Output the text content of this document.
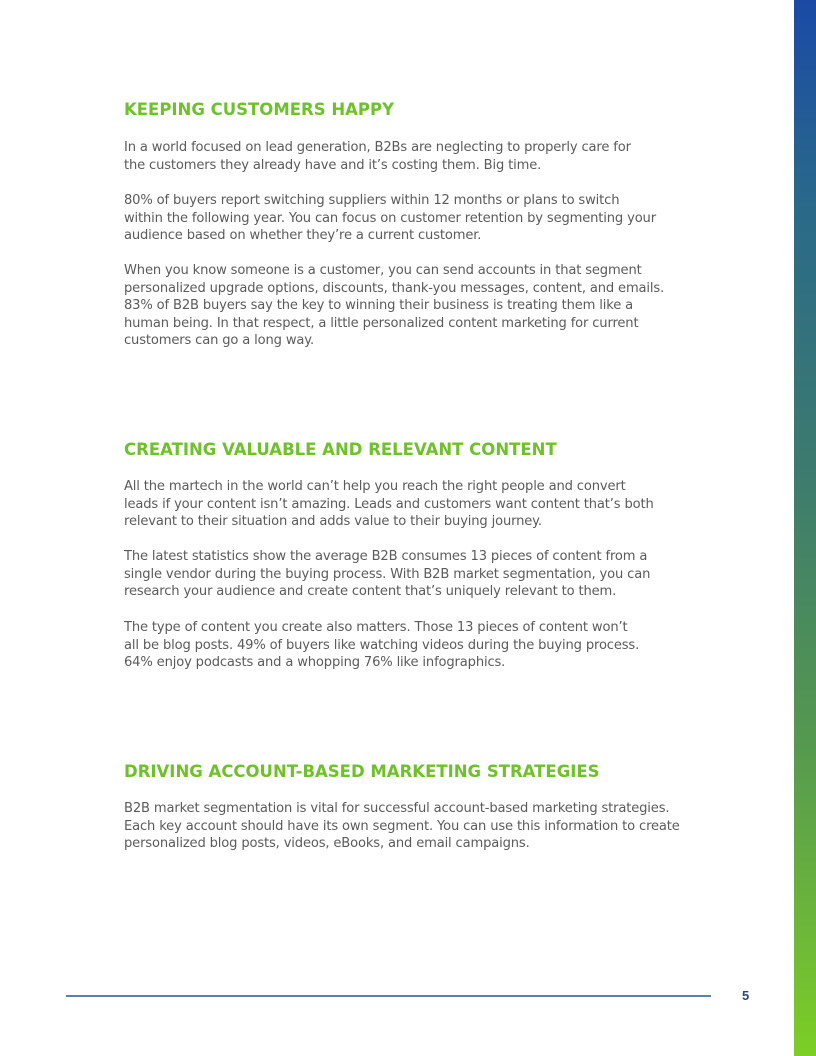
KEEPING CUSTOMERS HAPPY

In a world focused on lead generation, B2Bs are neglecting to properly care for
the customers they already have and it’s costing them. Big time.

80% of buyers report switching suppliers within 12 months or plans to switch
within the following year. You can focus on customer retention by segmenting your
audience based on whether they’re a current customer.

When you know someone is a customer, you can send accounts in that segment
personalized upgrade options, discounts, thank-you messages, content, and emails.
83% of B2B buyers say the key to winning their business is treating them like a
human being. In that respect, a little personalized content marketing for current
customers can go a long way.

CREATING VALUABLE AND RELEVANT CONTENT

All the martech in the world can’t help you reach the right people and convert
leads if your content isn’t amazing. Leads and customers want content that’s both
relevant to their situation and adds value to their buying journey.

The latest statistics show the average B2B consumes 13 pieces of content from a
single vendor during the buying process. With B2B market segmentation, you can
research your audience and create content that’s uniquely relevant to them.

The type of content you create also matters. Those 13 pieces of content won’t
all be blog posts. 49% of buyers like watching videos during the buying process.
64% enjoy podcasts and a whopping 76% like infographics.

DRIVING ACCOUNT-BASED MARKETING STRATEGIES

B2B market segmentation is vital for successful account-based marketing strategies.
Each key account should have its own segment. You can use this information to create
personalized blog posts, videos, eBooks, and email campaigns.

5
